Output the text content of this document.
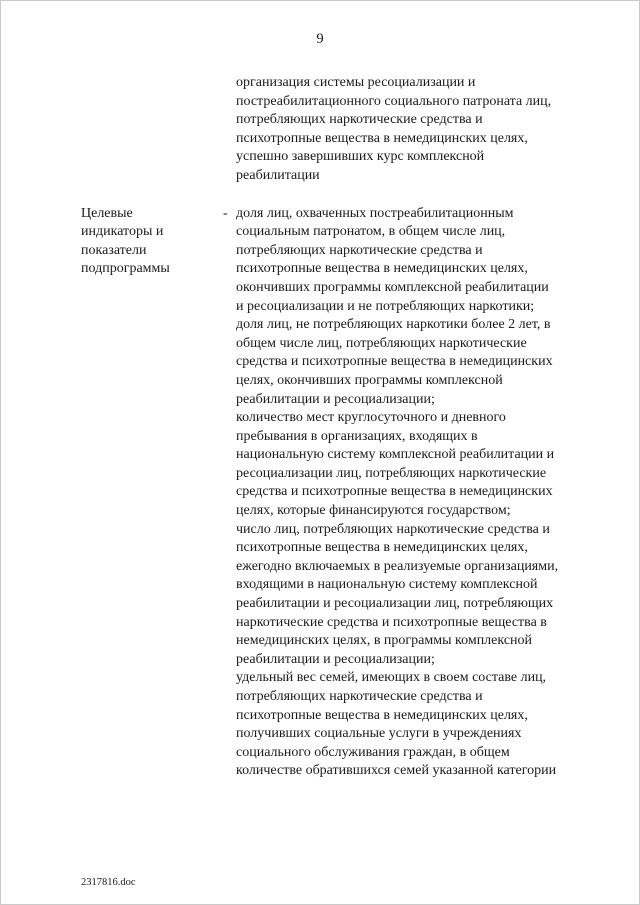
9

организация системы ресоциализации и постреабилитационного социального патроната лиц, потребляющих наркотические средства и психотропные вещества в немедицинских целях, успешно завершивших курс комплексной реабилитации

Целевые индикаторы и показатели подпрограммы
- доля лиц, охваченных постреабилитационным социальным патронатом, в общем числе лиц, потребляющих наркотические средства и психотропные вещества в немедицинских целях, окончивших программы комплексной реабилитации и ресоциализации и не потребляющих наркотики;

доля лиц, не потребляющих наркотики более 2 лет, в общем числе лиц, потребляющих наркотические средства и психотропные вещества в немедицинских целях, окончивших программы комплексной реабилитации и ресоциализации;

количество мест круглосуточного и дневного пребывания в организациях, входящих в национальную систему комплексной реабилитации и ресоциализации лиц, потребляющих наркотические средства и психотропные вещества в немедицинских целях, которые финансируются государством;

число лиц, потребляющих наркотические средства и психотропные вещества в немедицинских целях, ежегодно включаемых в реализуемые организациями, входящими в национальную систему комплексной реабилитации и ресоциализации лиц, потребляющих наркотические средства и психотропные вещества в немедицинских целях, в программы комплексной реабилитации и ресоциализации;

удельный вес семей, имеющих в своем составе лиц, потребляющих наркотические средства и психотропные вещества в немедицинских целях, получивших социальные услуги в учреждениях социального обслуживания граждан, в общем количестве обратившихся семей указанной категории

2317816.doc
